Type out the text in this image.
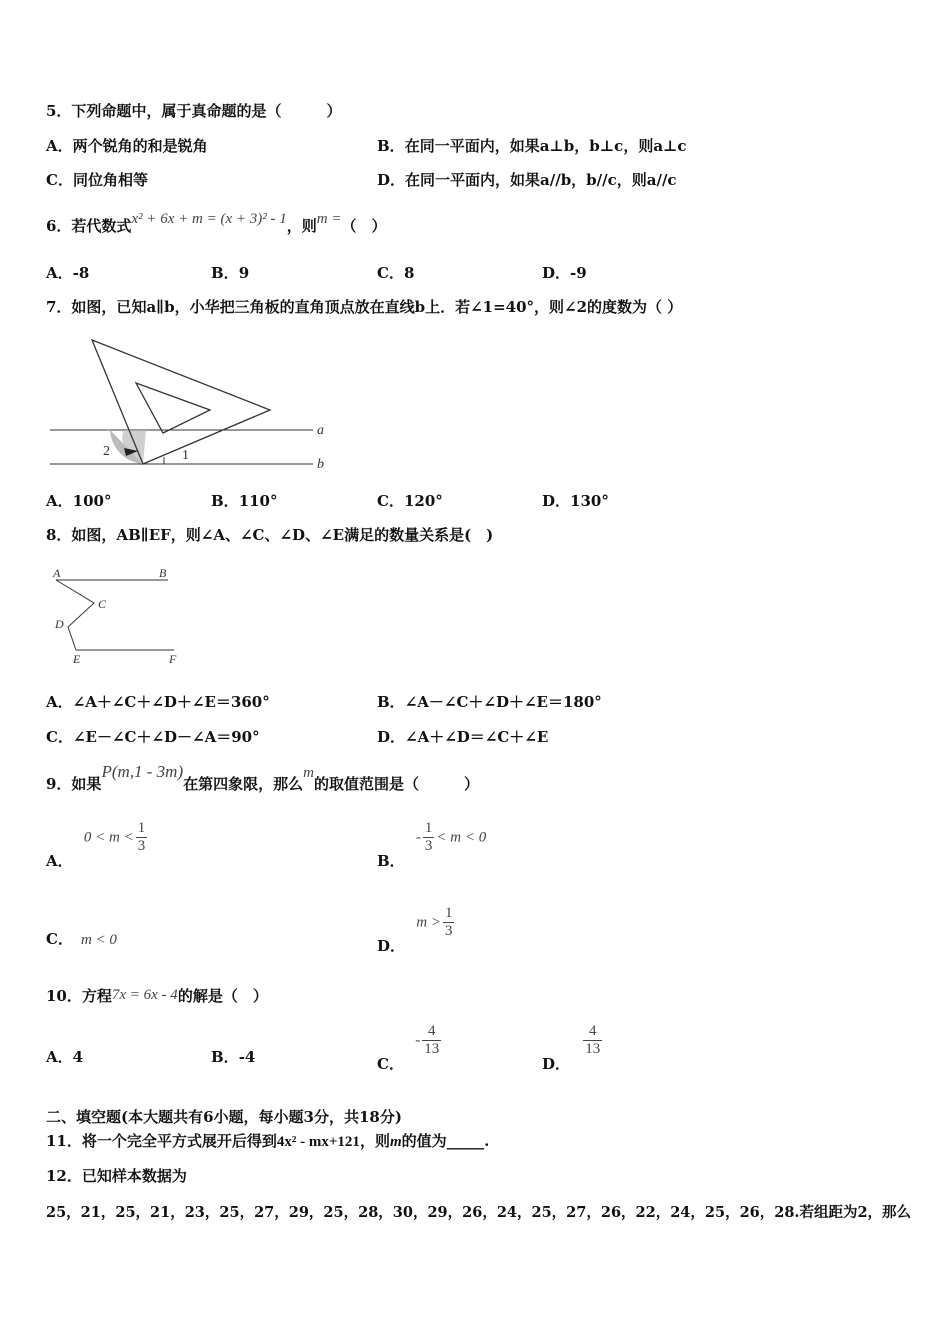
5．下列命题中，属于真命题的是（　　　）
A．两个锐角的和是锐角	B．在同一平面内，如果a⊥b，b⊥c，则a⊥c
C．同位角相等	D．在同一平面内，如果a//b，b//c，则a//c
6．若代数式x² + 6x + m = (x + 3)² - 1，则m =（　）
A．-8	B．9	C．8	D．-9
7．如图，已知a∥b，小华把三角板的直角顶点放在直线b上．若∠1=40°，则∠2的度数为（ ）
a
b
2	1
A．100°	B．110°	C．120°	D．130°
8．如图，AB∥EF，则∠A、∠C、∠D、∠E满足的数量关系是(　)
A	B
C
D
E	F
A．∠A＋∠C＋∠D＋∠E＝360°	B．∠A－∠C＋∠D＋∠E＝180°
C．∠E－∠C＋∠D－∠A＝90°	D．∠A＋∠D＝∠C＋∠E
9．如果P(m,1 - 3m)在第四象限，那么m的取值范围是（　　　）
A． $0 < m < \frac{1}{3}$
B． - $\frac{1}{3} < m < 0$
C． m < 0	D． $m > \frac{1}{3}$
10．方程7x = 6x - 4的解是（　）
A．4	B．-4	C． - $\frac{4}{13}$
D．
$\frac{4}{13}$
二、填空题(本大题共有6小题，每小题3分，共18分)
11．将一个完全平方式展开后得到4x² - mx+121，则m的值为_____.
12．已知样本数据为
25，21，25，21，23，25，27，29，25，28，30，29，26，24，25，27，26，22，24，25，26，28.若组距为2，那么
